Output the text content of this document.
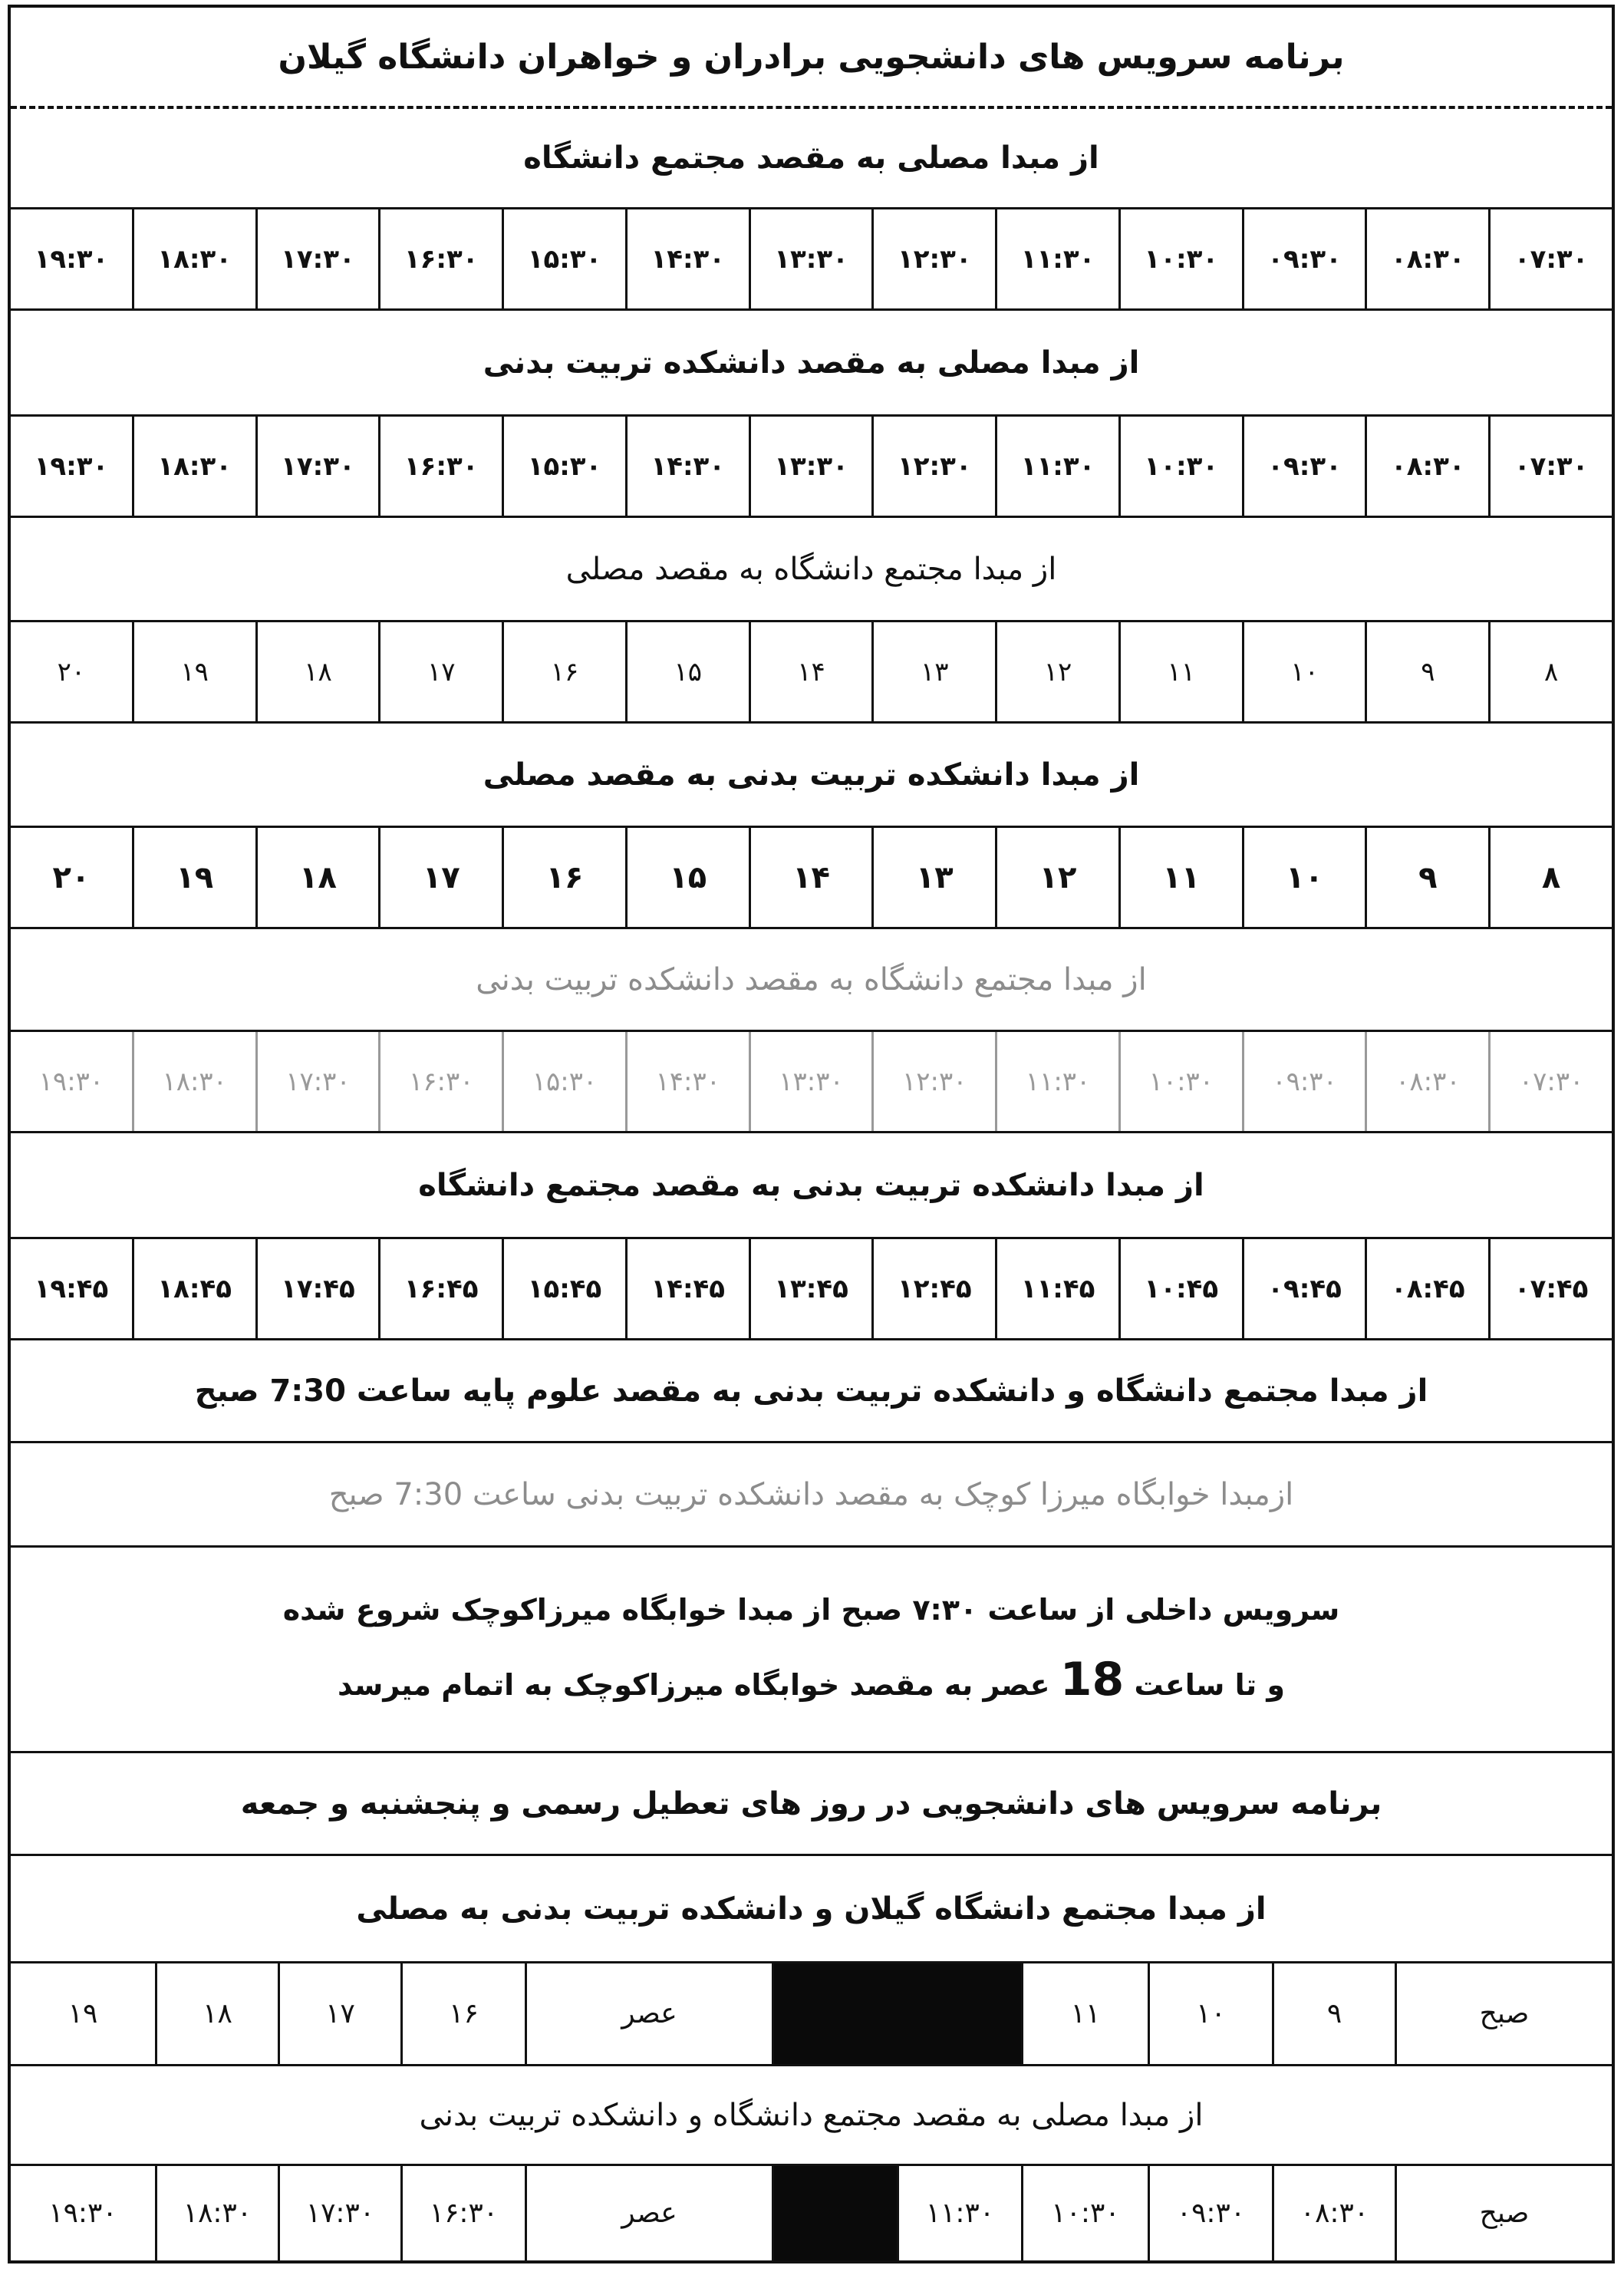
برنامه سرویس های دانشجویی برادران و خواهران دانشگاه گیلان
از مبدا مصلی به مقصد مجتمع دانشگاه
۰۷:۳۰
۰۸:۳۰
۰۹:۳۰
۱۰:۳۰
۱۱:۳۰
۱۲:۳۰
۱۳:۳۰
۱۴:۳۰
۱۵:۳۰
۱۶:۳۰
۱۷:۳۰
۱۸:۳۰
۱۹:۳۰
از مبدا مصلی به مقصد دانشکده تربیت بدنی
۰۷:۳۰
۰۸:۳۰
۰۹:۳۰
۱۰:۳۰
۱۱:۳۰
۱۲:۳۰
۱۳:۳۰
۱۴:۳۰
۱۵:۳۰
۱۶:۳۰
۱۷:۳۰
۱۸:۳۰
۱۹:۳۰
از مبدا مجتمع دانشگاه به مقصد مصلی
۸
۹
۱۰
۱۱
۱۲
۱۳
۱۴
۱۵
۱۶
۱۷
۱۸
۱۹
۲۰
از مبدا دانشکده تربیت بدنی به مقصد مصلی
۸
۹
۱۰
۱۱
۱۲
۱۳
۱۴
۱۵
۱۶
۱۷
۱۸
۱۹
۲۰
از مبدا مجتمع دانشگاه به مقصد دانشکده تربیت بدنی
۰۷:۳۰
۰۸:۳۰
۰۹:۳۰
۱۰:۳۰
۱۱:۳۰
۱۲:۳۰
۱۳:۳۰
۱۴:۳۰
۱۵:۳۰
۱۶:۳۰
۱۷:۳۰
۱۸:۳۰
۱۹:۳۰
از مبدا دانشکده تربیت بدنی به مقصد مجتمع دانشگاه
۰۷:۴۵
۰۸:۴۵
۰۹:۴۵
۱۰:۴۵
۱۱:۴۵
۱۲:۴۵
۱۳:۴۵
۱۴:۴۵
۱۵:۴۵
۱۶:۴۵
۱۷:۴۵
۱۸:۴۵
۱۹:۴۵
از مبدا مجتمع دانشگاه و دانشکده تربیت بدنی به مقصد علوم پایه ساعت 7:30 صبح
ازمبدا خوابگاه میرزا کوچک به مقصد دانشکده تربیت بدنی ساعت 7:30 صبح
سرویس داخلی از ساعت ۷:۳۰ صبح از مبدا خوابگاه میرزاکوچک شروع شده
و تا ساعت 18 عصر به مقصد خوابگاه میرزاکوچک به اتمام میرسد
برنامه سرویس های دانشجویی در روز های تعطیل رسمی و پنجشنبه و جمعه
از مبدا مجتمع دانشگاه گیلان و دانشکده تربیت بدنی به مصلی
صبح
۹
۱۰
۱۱
عصر
۱۶
۱۷
۱۸
۱۹
از مبدا مصلی به مقصد مجتمع دانشگاه و دانشکده تربیت بدنی
صبح
۰۸:۳۰
۰۹:۳۰
۱۰:۳۰
۱۱:۳۰
عصر
۱۶:۳۰
۱۷:۳۰
۱۸:۳۰
۱۹:۳۰
